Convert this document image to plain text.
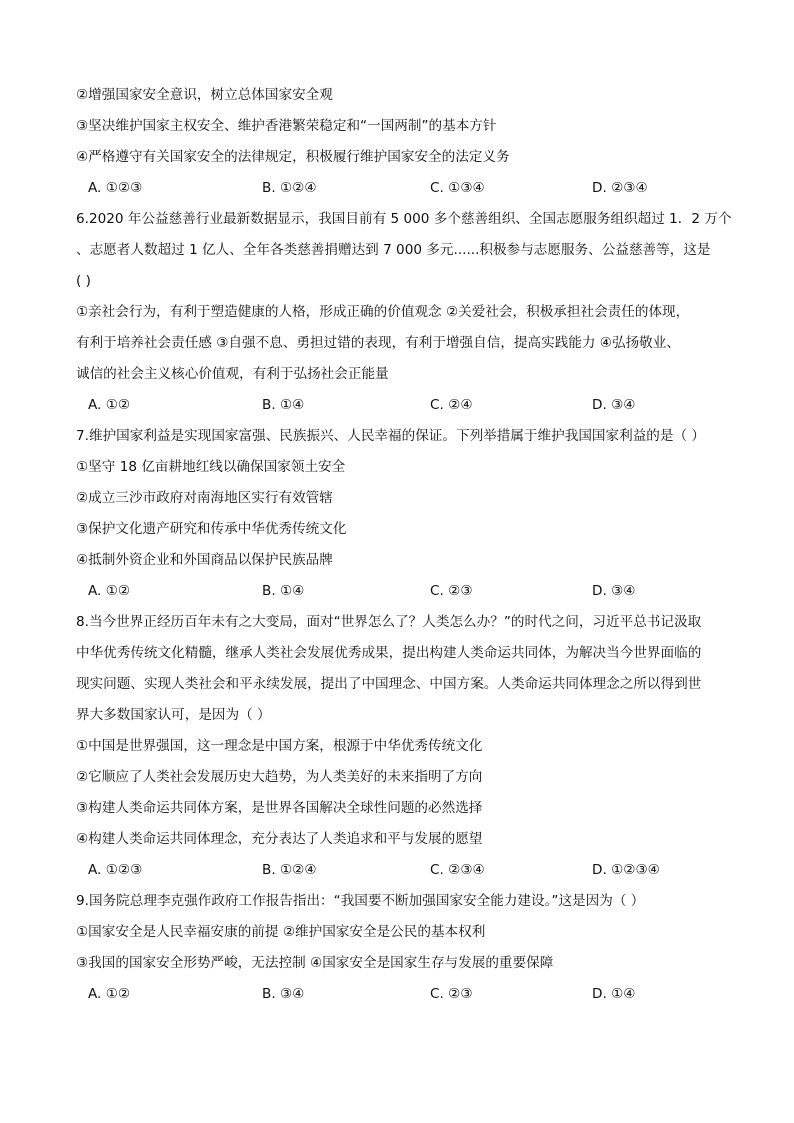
②增强国家安全意识，树立总体国家安全观
③坚决维护国家主权安全、维护香港繁荣稳定和“一国两制”的基本方针
④严格遵守有关国家安全的法律规定，积极履行维护国家安全的法定义务
A. ①②③	B. ①②④	C. ①③④	D. ②③④
6.2020 年公益慈善行业最新数据显示，我国目前有 5 000 多个慈善组织、全国志愿服务组织超过 1．2 万个
、志愿者人数超过 1 亿人、全年各类慈善捐赠达到 7 000 多元......积极参与志愿服务、公益慈善等，这是
( )
①亲社会行为，有利于塑造健康的人格，形成正确的价值观念 ②关爱社会，积极承担社会责任的体现，
有利于培养社会责任感 ③自强不息、勇担过错的表现，有利于增强自信，提高实践能力 ④弘扬敬业、
诚信的社会主义核心价值观，有利于弘扬社会正能量
A. ①②	B. ①④	C. ②④	D. ③④
7.维护国家利益是实现国家富强、民族振兴、人民幸福的保证。下列举措属于维护我国国家利益的是（ ）
①坚守 18 亿亩耕地红线以确保国家领土安全
②成立三沙市政府对南海地区实行有效管辖
③保护文化遗产研究和传承中华优秀传统文化
④抵制外资企业和外国商品以保护民族品牌
A. ①②	B. ①④	C. ②③	D. ③④
8.当今世界正经历百年未有之大变局，面对“世界怎么了？人类怎么办？”的时代之问，习近平总书记汲取
中华优秀传统文化精髓，继承人类社会发展优秀成果，提出构建人类命运共同体，为解决当今世界面临的
现实问题、实现人类社会和平永续发展，提出了中国理念、中国方案。人类命运共同体理念之所以得到世
界大多数国家认可，是因为（ ）
①中国是世界强国，这一理念是中国方案，根源于中华优秀传统文化
②它顺应了人类社会发展历史大趋势，为人类美好的未来指明了方向
③构建人类命运共同体方案，是世界各国解决全球性问题的必然选择
④构建人类命运共同体理念，充分表达了人类追求和平与发展的愿望
A. ①②③	B. ①②④	C. ②③④	D. ①②③④
9.国务院总理李克强作政府工作报告指出：“我国要不断加强国家安全能力建设。”这是因为（ ）
①国家安全是人民幸福安康的前提 ②维护国家安全是公民的基本权利
③我国的国家安全形势严峻，无法控制 ④国家安全是国家生存与发展的重要保障
A. ①②	B. ③④	C. ②③	D. ①④
